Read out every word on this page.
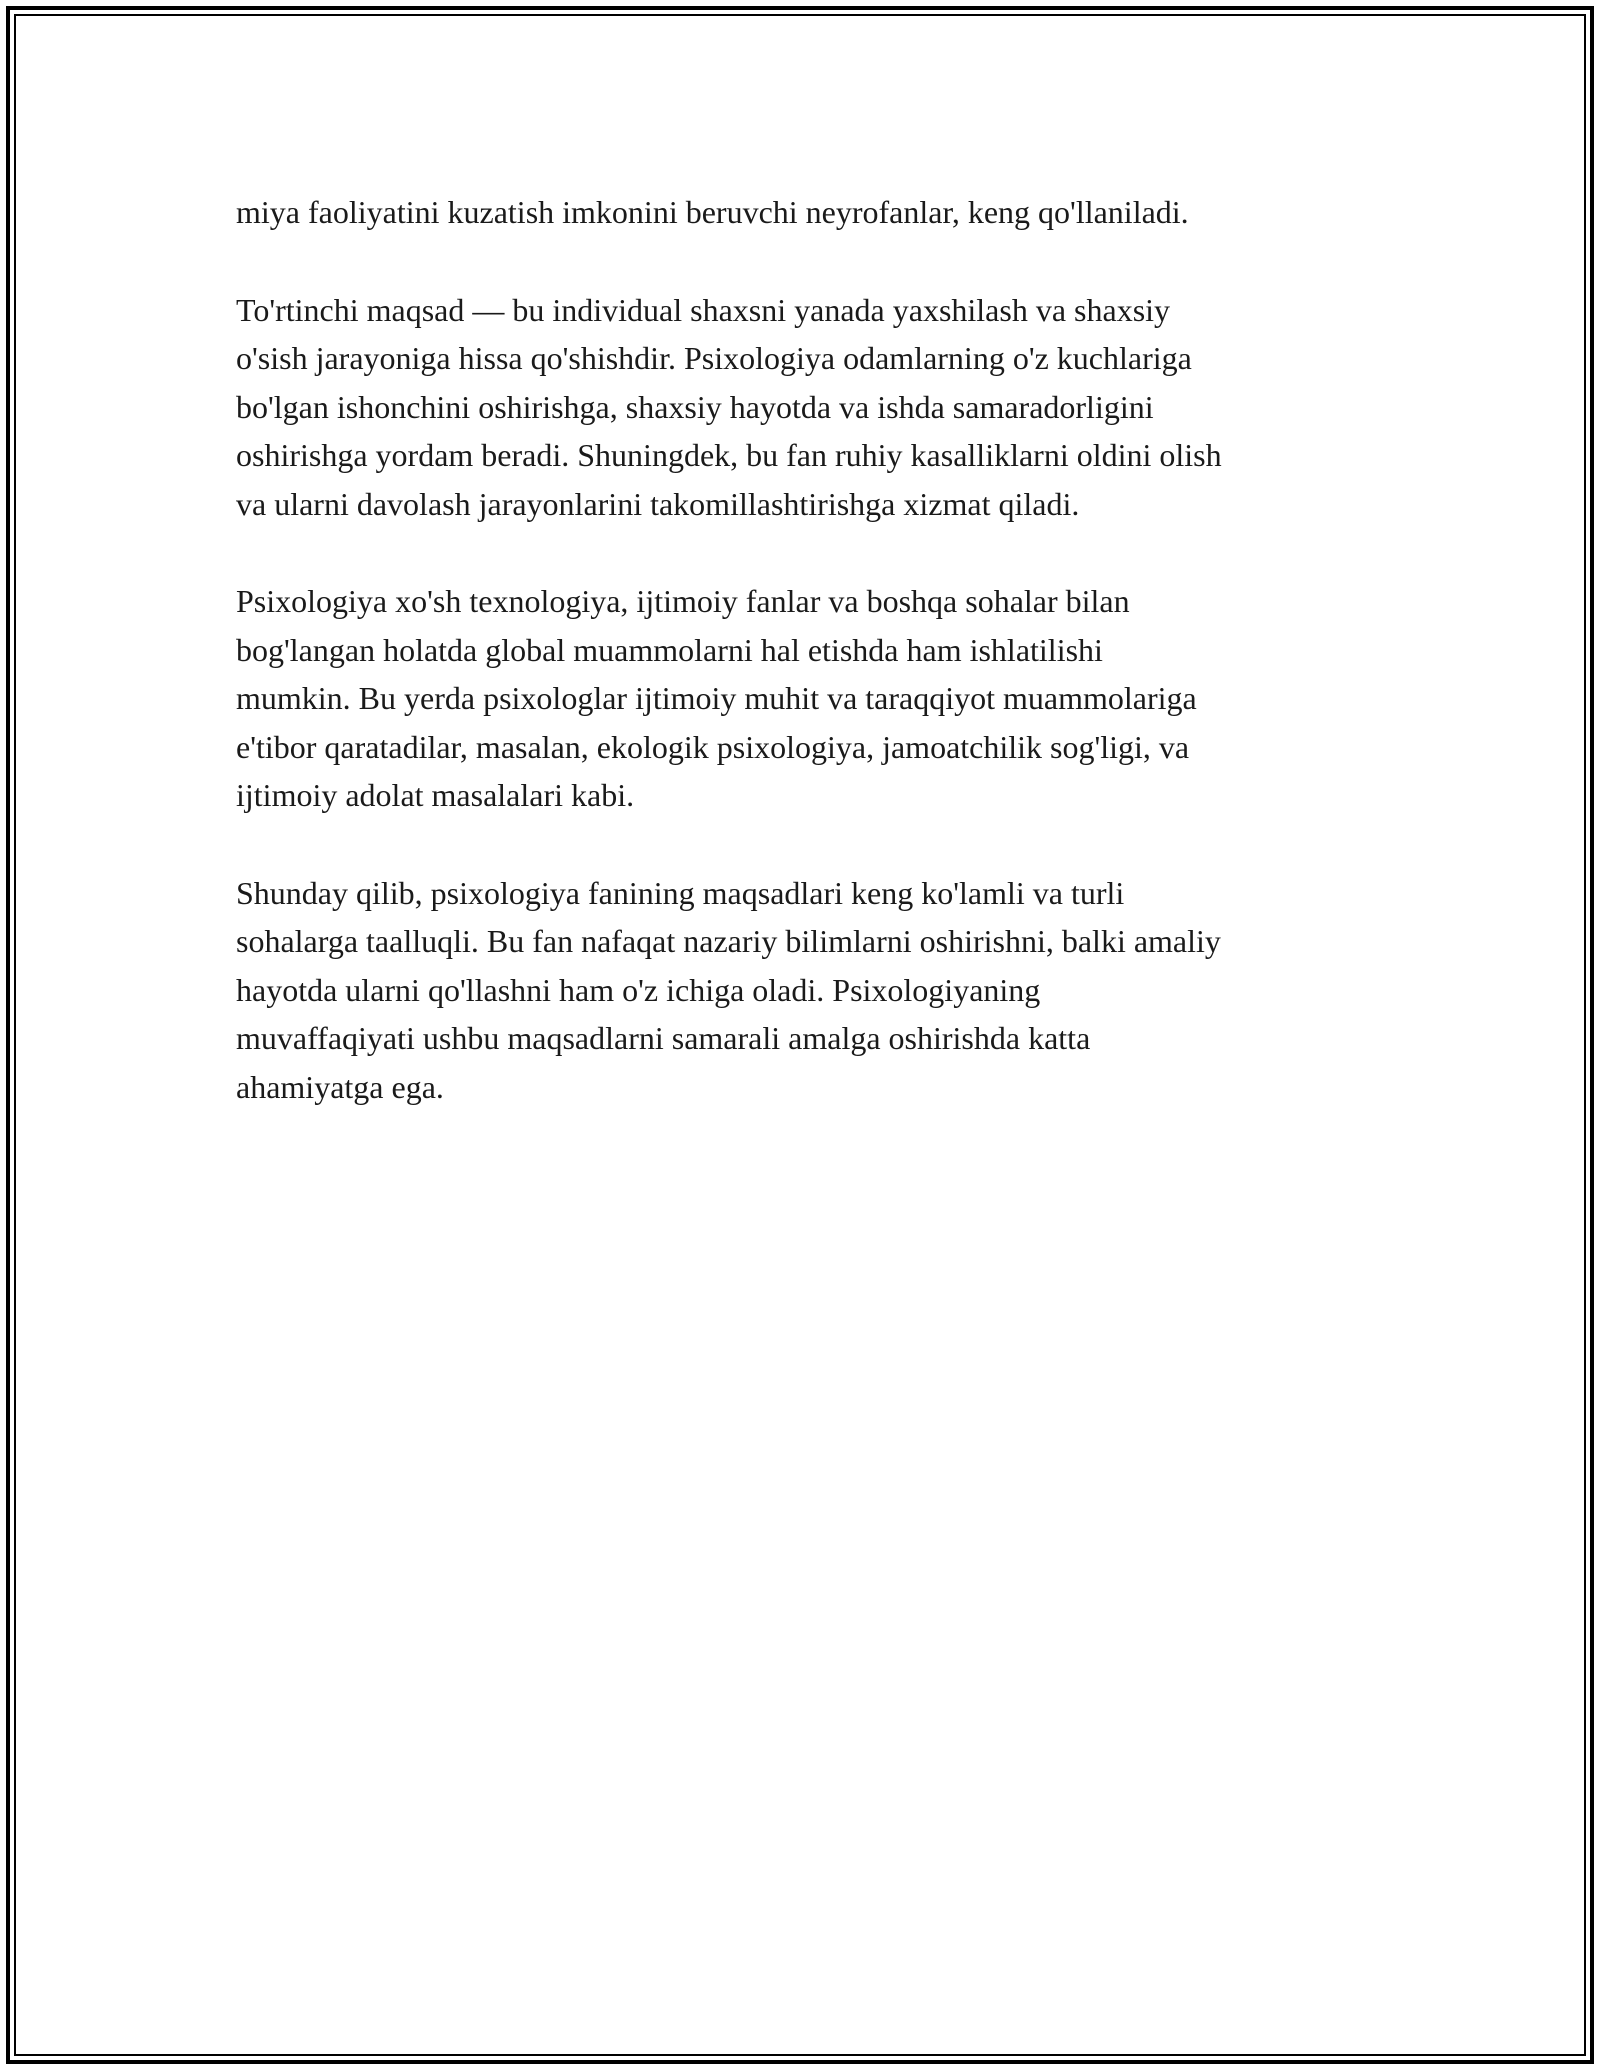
miya faoliyatini kuzatish imkonini beruvchi neyrofanlar, keng qo'llaniladi.

To'rtinchi maqsad — bu individual shaxsni yanada yaxshilash va shaxsiy
o'sish jarayoniga hissa qo'shishdir. Psixologiya odamlarning o'z kuchlariga
bo'lgan ishonchini oshirishga, shaxsiy hayotda va ishda samaradorligini
oshirishga yordam beradi. Shuningdek, bu fan ruhiy kasalliklarni oldini olish
va ularni davolash jarayonlarini takomillashtirishga xizmat qiladi.

Psixologiya xo'sh texnologiya, ijtimoiy fanlar va boshqa sohalar bilan
bog'langan holatda global muammolarni hal etishda ham ishlatilishi
mumkin. Bu yerda psixologlar ijtimoiy muhit va taraqqiyot muammolariga
e'tibor qaratadilar, masalan, ekologik psixologiya, jamoatchilik sog'ligi, va
ijtimoiy adolat masalalari kabi.

Shunday qilib, psixologiya fanining maqsadlari keng ko'lamli va turli
sohalarga taalluqli. Bu fan nafaqat nazariy bilimlarni oshirishni, balki amaliy
hayotda ularni qo'llashni ham o'z ichiga oladi. Psixologiyaning
muvaffaqiyati ushbu maqsadlarni samarali amalga oshirishda katta
ahamiyatga ega.
